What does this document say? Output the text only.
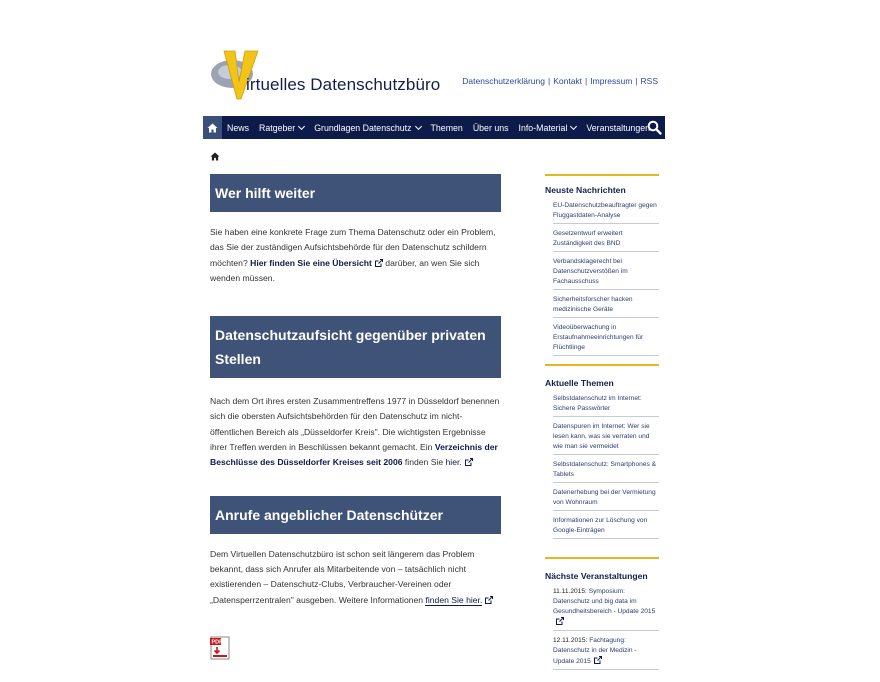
irtuelles Datenschutzbüro	Datenschutzerklärung | Kontakt | Impressum | RSS
News Ratgeber Grundlagen Datenschutz Themen Über uns Info-Material Veranstaltungen
Wer hilft weiter

Sie haben eine konkrete Frage zum Thema Datenschutz oder ein Problem, das Sie der zuständigen Aufsichtsbehörde für den Datenschutz schildern möchten? Hier finden Sie eine Übersicht darüber, an wen Sie sich wenden müssen.

Datenschutzaufsicht gegenüber privaten Stellen

Nach dem Ort ihres ersten Zusammentreffens 1977 in Düsseldorf benennen sich die obersten Aufsichtsbehörden für den Datenschutz im nicht-öffentlichen Bereich als „Düsseldorfer Kreis". Die wichtigsten Ergebnisse ihrer Treffen werden in Beschlüssen bekannt gemacht. Ein Verzeichnis der Beschlüsse des Düsseldorfer Kreises seit 2006 finden Sie hier.

Anrufe angeblicher Datenschützer

Dem Virtuellen Datenschutzbüro ist schon seit längerem das Problem bekannt, dass sich Anrufer als Mitarbeitende von – tatsächlich nicht existierenden – Datenschutz-Clubs, Verbraucher-Vereinen oder „Datensperrzentralen" ausgeben. Weitere Informationen finden Sie hier.

Neuste Nachrichten
EU-Datenschutzbeauftragter gegen Fluggastdaten-Analyse
Gesetzentwurf erweitert Zuständigkeit des BND
Verbandsklagerecht bei Datenschutzverstößen im Fachausschuss
Sicherheitsforscher hacken medizinische Geräte
Videoüberwachung in Erstaufnahmeeinrichtungen für Flüchtlinge
Aktuelle Themen
Selbstdatenschutz im Internet: Sichere Passwörter
Datenspuren im Internet: Wer sie lesen kann, was sie verraten und wie man sie vermeidet
Selbstdatenschutz: Smartphones & Tablets
Datenerhebung bei der Vermietung von Wohnraum
Informationen zur Löschung von Google-Einträgen
Nächste Veranstaltungen
11.11.2015: Symposium: Datenschutz und big data im Gesundheitsbereich - Update 2015
12.11.2015: Fachtagung: Datenschutz in der Medizin - Update 2015
PDF
